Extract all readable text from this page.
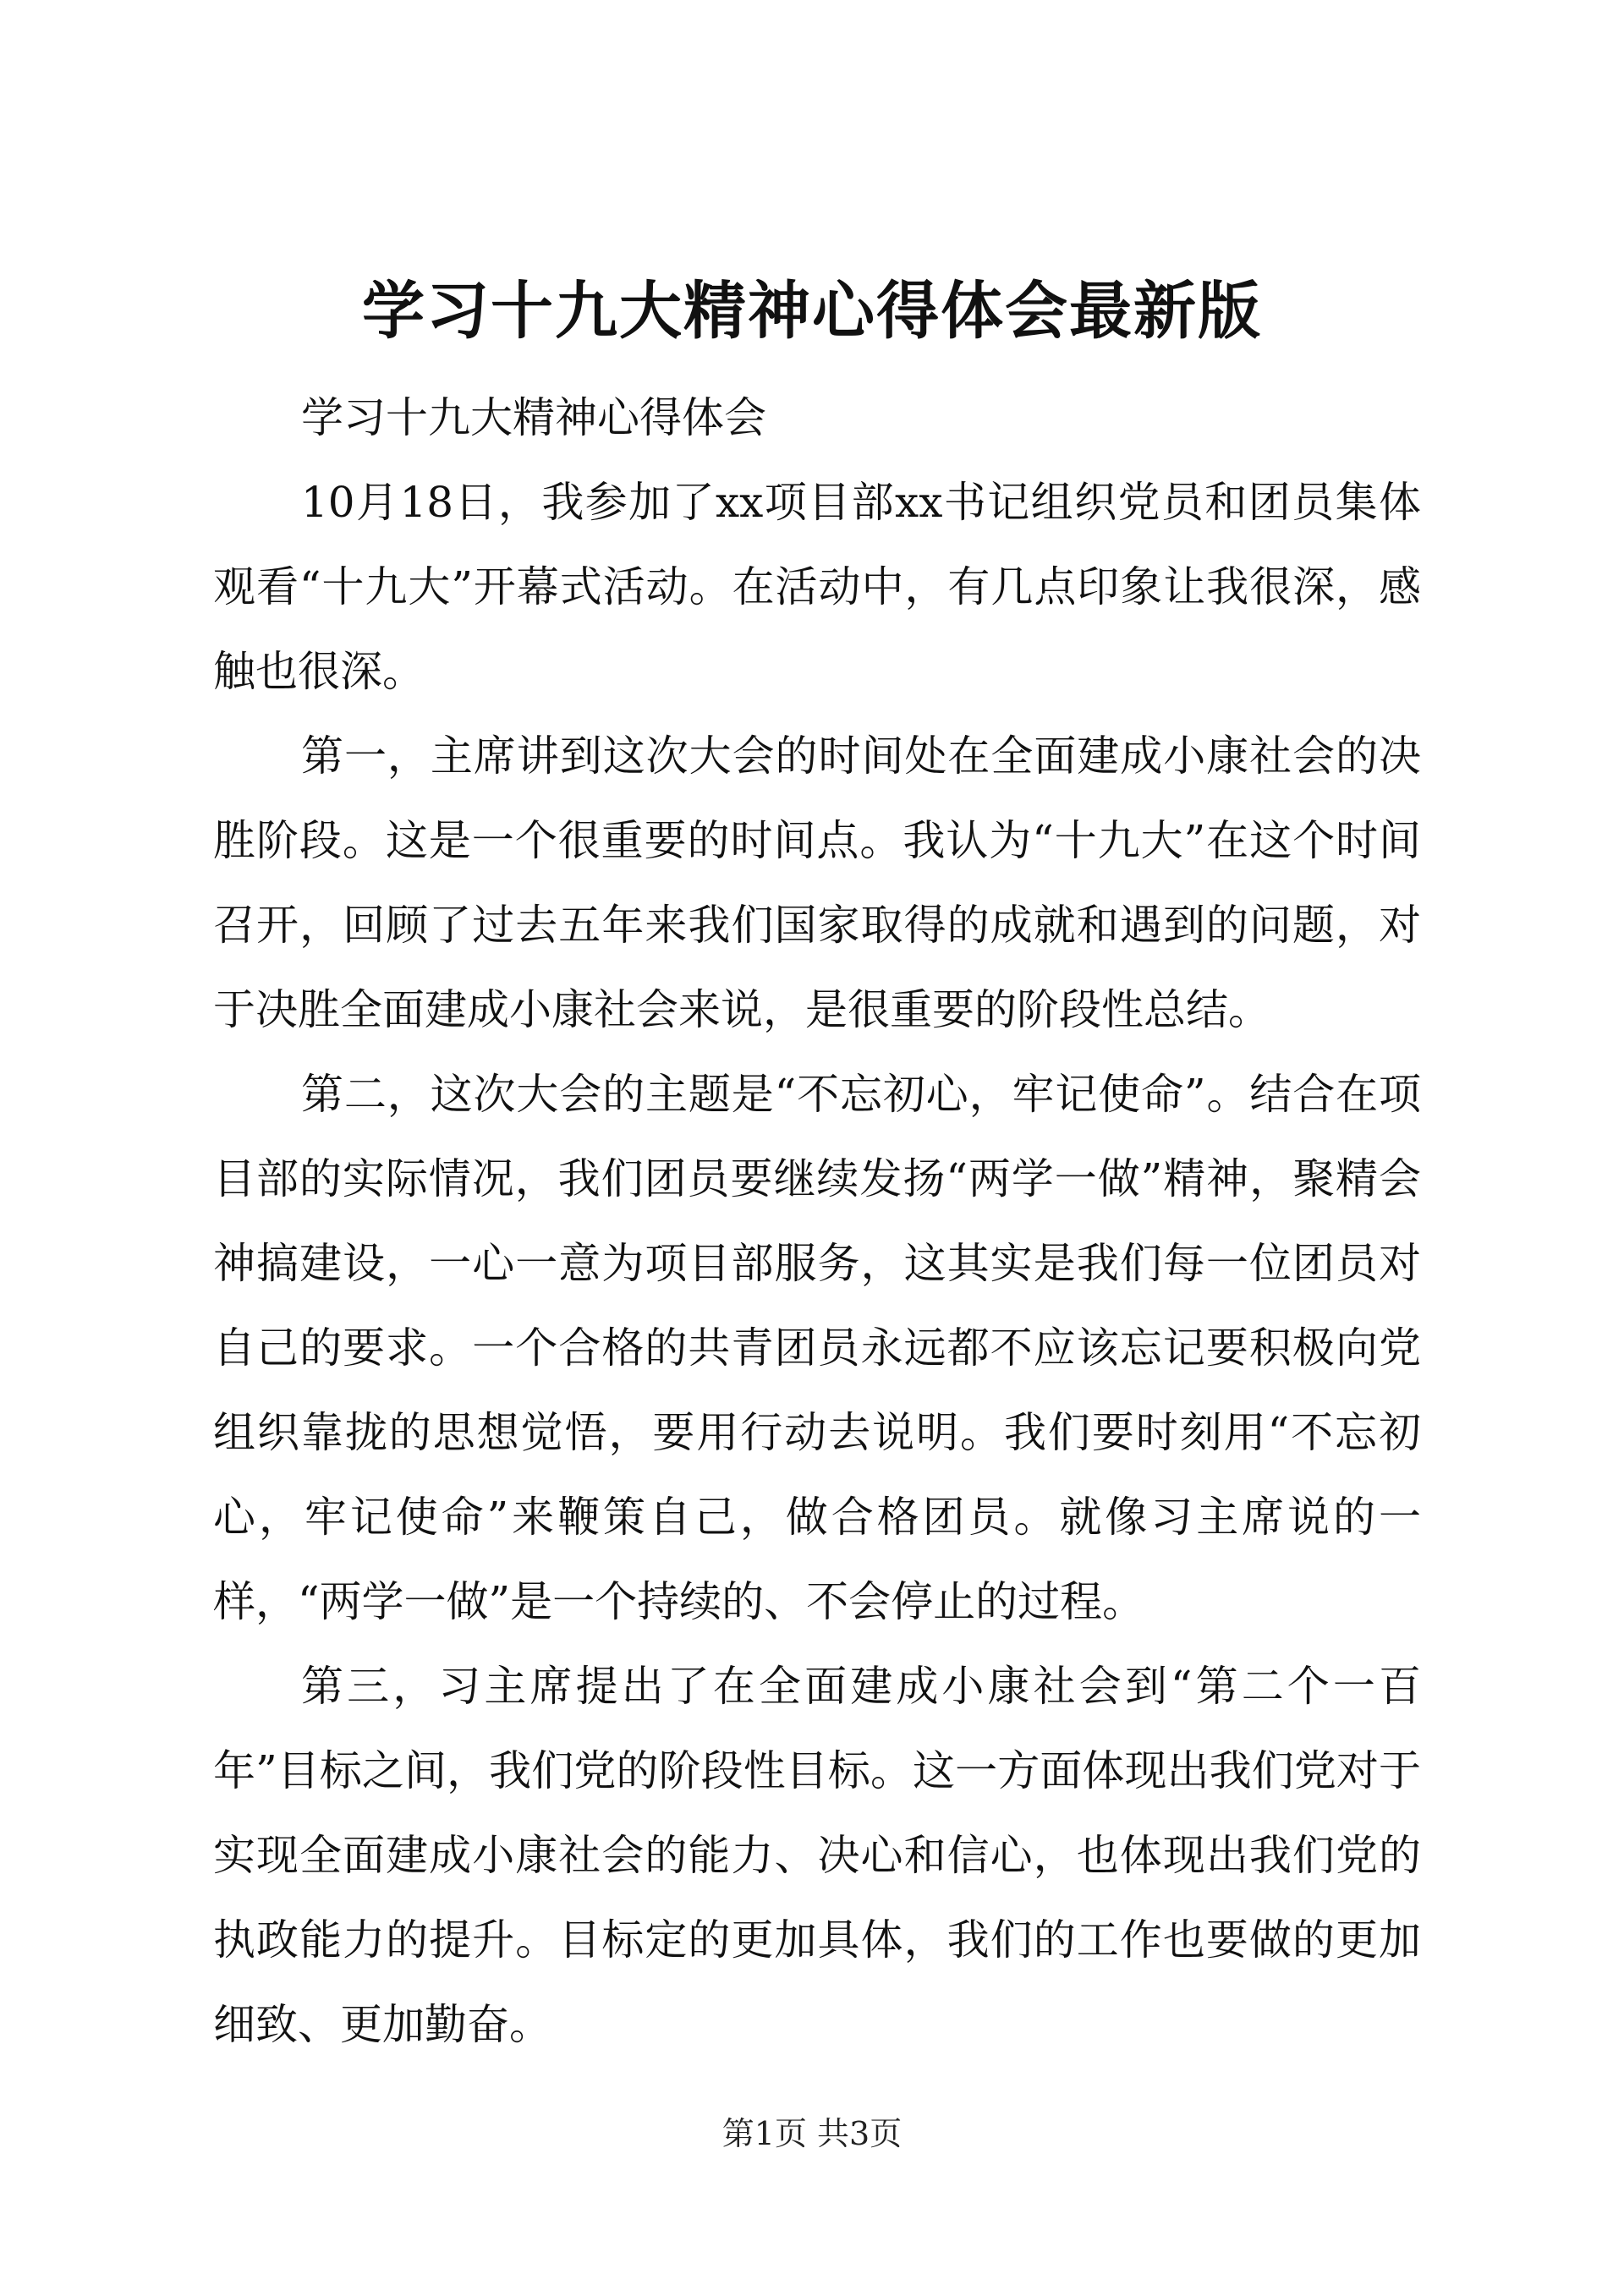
学习十九大精神心得体会最新版

学习十九大精神心得体会

10月18日，我参加了xx项目部xx书记组织党员和团员集体观看“十九大”开幕式活动。在活动中，有几点印象让我很深，感触也很深。

第一，主席讲到这次大会的时间处在全面建成小康社会的决胜阶段。这是一个很重要的时间点。我认为“十九大”在这个时间召开，回顾了过去五年来我们国家取得的成就和遇到的问题，对于决胜全面建成小康社会来说，是很重要的阶段性总结。

第二，这次大会的主题是“不忘初心，牢记使命”。结合在项目部的实际情况，我们团员要继续发扬“两学一做”精神，聚精会神搞建设，一心一意为项目部服务，这其实是我们每一位团员对自己的要求。一个合格的共青团员永远都不应该忘记要积极向党组织靠拢的思想觉悟，要用行动去说明。我们要时刻用“不忘初心，牢记使命”来鞭策自己，做合格团员。就像习主席说的一样，“两学一做”是一个持续的、不会停止的过程。

第三，习主席提出了在全面建成小康社会到“第二个一百年”目标之间，我们党的阶段性目标。这一方面体现出我们党对于实现全面建成小康社会的能力、决心和信心，也体现出我们党的执政能力的提升。目标定的更加具体，我们的工作也要做的更加细致、更加勤奋。

第1页 共3页
